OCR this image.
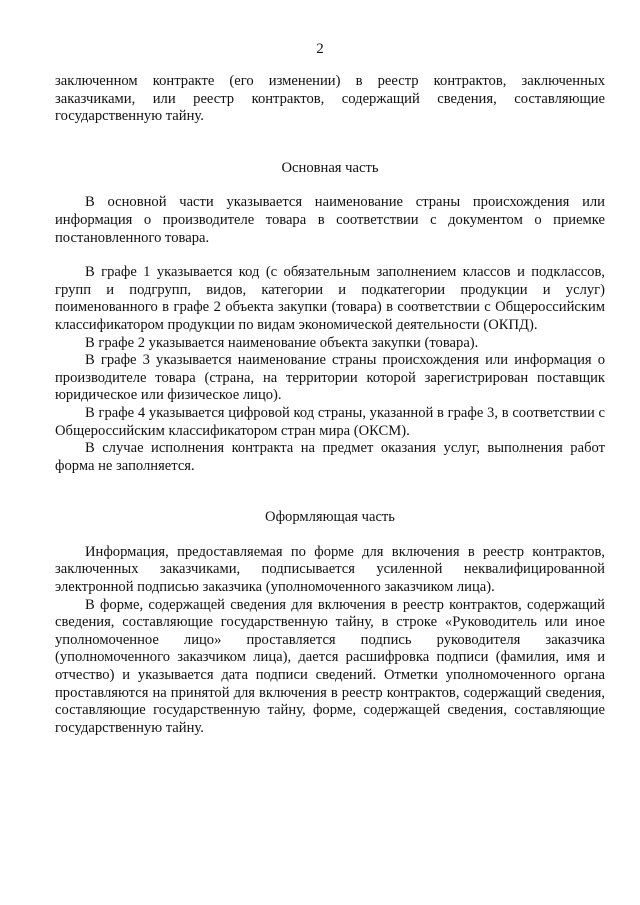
2

заключенном контракте (его изменении) в реестр контрактов, заключенных заказчиками, или реестр контрактов, содержащий сведения, составляющие государственную тайну.

Основная часть

В основной части указывается наименование страны происхождения или информация о производителе товара в соответствии с документом о приемке постановленного товара.

В графе 1 указывается код (с обязательным заполнением классов и подклассов, групп и подгрупп, видов, категории и подкатегории продукции и услуг) поименованного в графе 2 объекта закупки (товара) в соответствии с Общероссийским классификатором продукции по видам экономической деятельности (ОКПД).

В графе 2 указывается наименование объекта закупки (товара).

В графе 3 указывается наименование страны происхождения или информация о производителе товара (страна, на территории которой зарегистрирован поставщик юридическое или физическое лицо).

В графе 4 указывается цифровой код страны, указанной в графе 3, в соответствии с Общероссийским классификатором стран мира (ОКСМ).

В случае исполнения контракта на предмет оказания услуг, выполнения работ форма не заполняется.

Оформляющая часть

Информация, предоставляемая по форме для включения в реестр контрактов, заключенных заказчиками, подписывается усиленной неквалифицированной электронной подписью заказчика (уполномоченного заказчиком лица).

В форме, содержащей сведения для включения в реестр контрактов, содержащий сведения, составляющие государственную тайну, в строке «Руководитель или иное уполномоченное лицо» проставляется подпись руководителя заказчика (уполномоченного заказчиком лица), дается расшифровка подписи (фамилия, имя и отчество) и указывается дата подписи сведений. Отметки уполномоченного органа проставляются на принятой для включения в реестр контрактов, содержащий сведения, составляющие государственную тайну, форме, содержащей сведения, составляющие государственную тайну.
